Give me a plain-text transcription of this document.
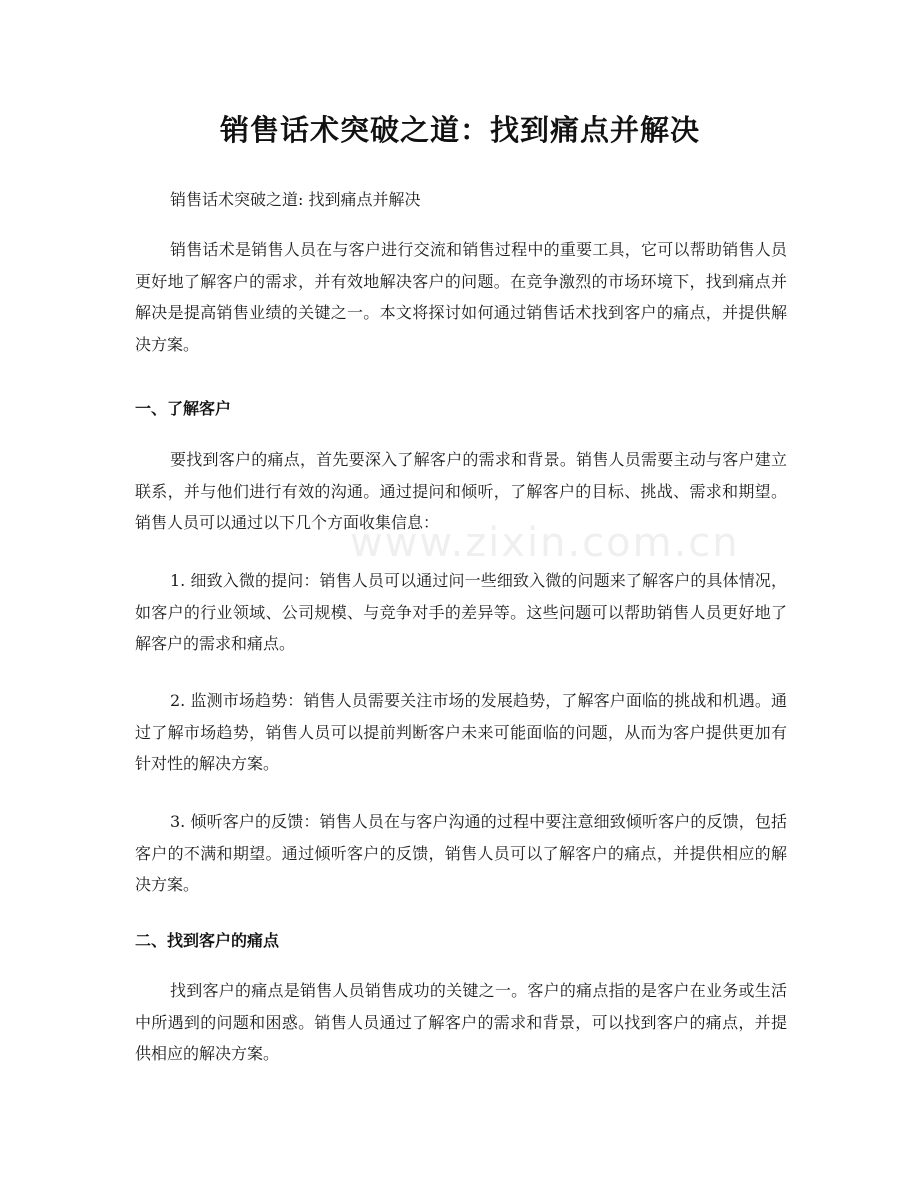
销售话术突破之道：找到痛点并解决
销售话术突破之道: 找到痛点并解决

销售话术是销售人员在与客户进行交流和销售过程中的重要工具，它可以帮助销售人员更好地了解客户的需求，并有效地解决客户的问题。在竞争激烈的市场环境下，找到痛点并解决是提高销售业绩的关键之一。本文将探讨如何通过销售话术找到客户的痛点，并提供解决方案。

一、了解客户

要找到客户的痛点，首先要深入了解客户的需求和背景。销售人员需要主动与客户建立联系，并与他们进行有效的沟通。通过提问和倾听，了解客户的目标、挑战、需求和期望。销售人员可以通过以下几个方面收集信息：

1. 细致入微的提问：销售人员可以通过问一些细致入微的问题来了解客户的具体情况，如客户的行业领域、公司规模、与竞争对手的差异等。这些问题可以帮助销售人员更好地了解客户的需求和痛点。

2. 监测市场趋势：销售人员需要关注市场的发展趋势，了解客户面临的挑战和机遇。通过了解市场趋势，销售人员可以提前判断客户未来可能面临的问题，从而为客户提供更加有针对性的解决方案。

3. 倾听客户的反馈：销售人员在与客户沟通的过程中要注意细致倾听客户的反馈，包括客户的不满和期望。通过倾听客户的反馈，销售人员可以了解客户的痛点，并提供相应的解决方案。

二、找到客户的痛点

找到客户的痛点是销售人员销售成功的关键之一。客户的痛点指的是客户在业务或生活中所遇到的问题和困惑。销售人员通过了解客户的需求和背景，可以找到客户的痛点，并提供相应的解决方案。

www.zixin.com.cn
